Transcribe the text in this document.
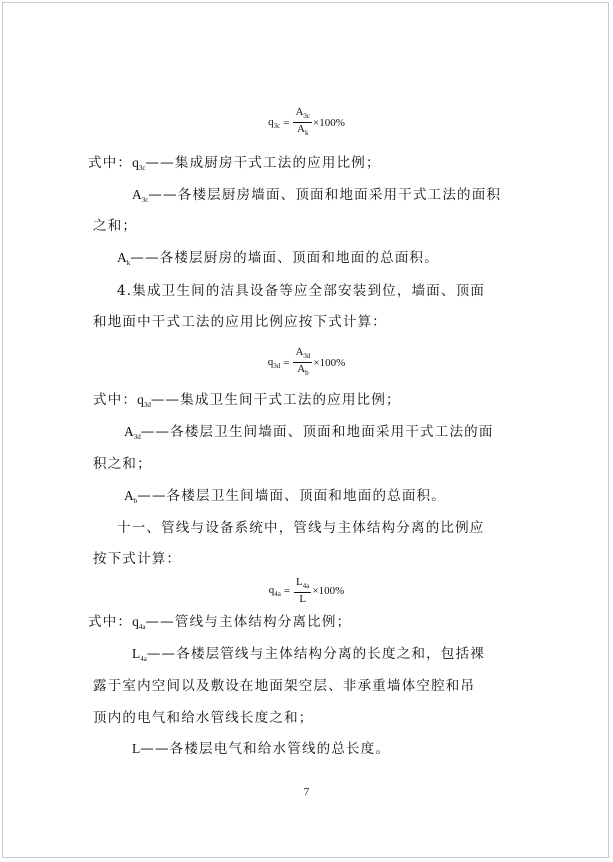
$q_{3c} = \frac{A_{3c}}{A_k} \times 100\%$
式中：$q_{3c}——$集成厨房干式工法的应用比例；
$A_{3c}——$各楼层厨房墙面、顶面和地面采用干式工法的面积
之和；
$A_k——$各楼层厨房的墙面、顶面和地面的总面积。
4.集成卫生间的洁具设备等应全部安装到位，墙面、顶面
和地面中干式工法的应用比例应按下式计算：
$q_{3d} = \frac{A_{3d}}{A_b} \times 100\%$
式中：$q_{3d}——$集成卫生间干式工法的应用比例；
$A_{3d}——$各楼层卫生间墙面、顶面和地面采用干式工法的面
积之和；
$A_b——$各楼层卫生间墙面、顶面和地面的总面积。
十一、管线与设备系统中，管线与主体结构分离的比例应
按下式计算：
$q_{4a} = \frac{L_{4a}}{L} \times 100\%$
式中：$q_{4a}——$管线与主体结构分离比例；
$L_{4a}——$各楼层管线与主体结构分离的长度之和，包括裸
露于室内空间以及敷设在地面架空层、非承重墙体空腔和吊
顶内的电气和给水管线长度之和；
L——各楼层电气和给水管线的总长度。
7
